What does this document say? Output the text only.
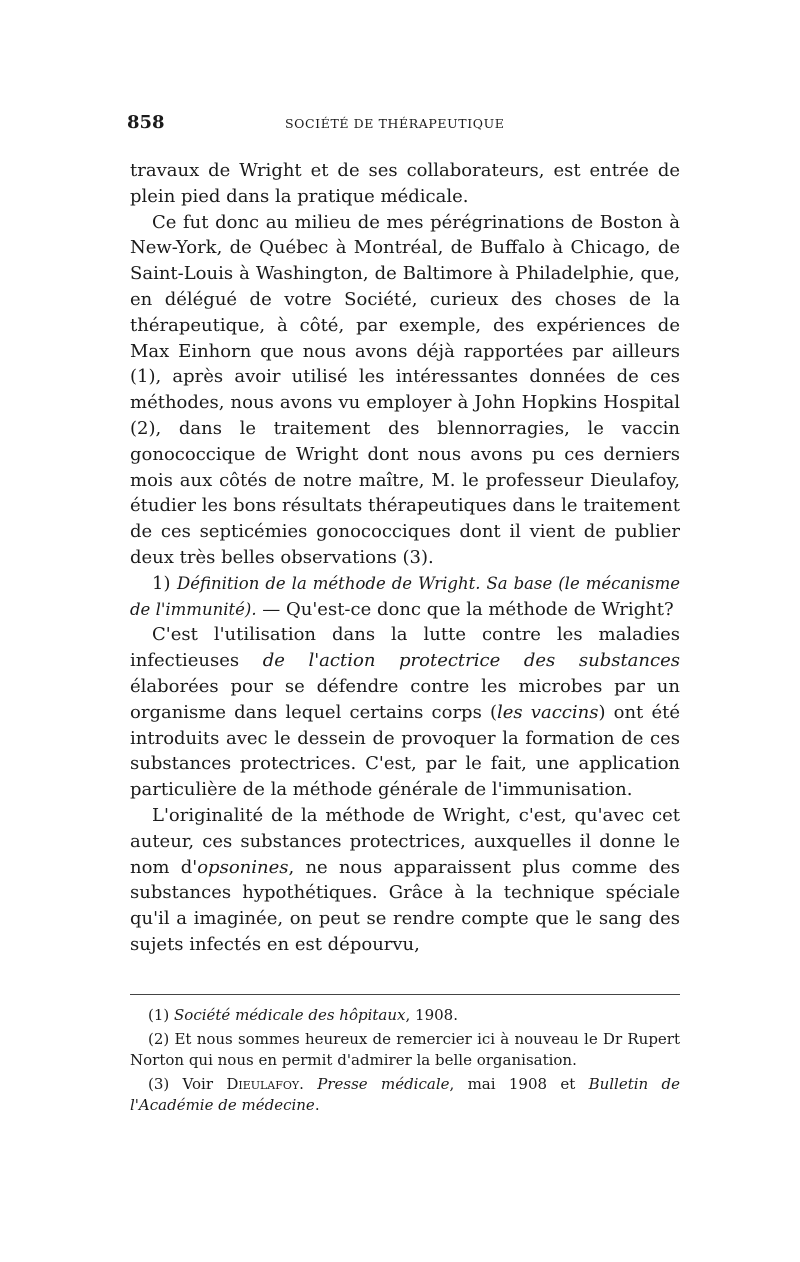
858	SOCIÉTÉ DE THÉRAPEUTIQUE

travaux de Wright et de ses collaborateurs, est entrée de plein pied dans la pratique médicale.

Ce fut donc au milieu de mes pérégrinations de Boston à New-York, de Québec à Montréal, de Buffalo à Chicago, de Saint-Louis à Washington, de Baltimore à Philadelphie, que, en délégué de votre Société, curieux des choses de la thérapeutique, à côté, par exemple, des expériences de Max Einhorn que nous avons déjà rapportées par ailleurs (1), après avoir utilisé les intéressantes données de ces méthodes, nous avons vu employer à John Hopkins Hospital (2), dans le traitement des blennorragies, le vaccin gonococcique de Wright dont nous avons pu ces derniers mois aux côtés de notre maître, M. le professeur Dieulafoy, étudier les bons résultats thérapeutiques dans le traitement de ces septicémies gonococciques dont il vient de publier deux très belles observations (3).

1) Définition de la méthode de Wright. Sa base (le mécanisme de l'immunité). — Qu'est-ce donc que la méthode de Wright?

C'est l'utilisation dans la lutte contre les maladies infectieuses de l'action protectrice des substances élaborées pour se défendre contre les microbes par un organisme dans lequel certains corps (les vaccins) ont été introduits avec le dessein de provoquer la formation de ces substances protectrices. C'est, par le fait, une application particulière de la méthode générale de l'immunisation.

L'originalité de la méthode de Wright, c'est, qu'avec cet auteur, ces substances protectrices, auxquelles il donne le nom d'opsonines, ne nous apparaissent plus comme des substances hypothétiques. Grâce à la technique spéciale qu'il a imaginée, on peut se rendre compte que le sang des sujets infectés en est dépourvu,

(1) Société médicale des hôpitaux, 1908.

(2) Et nous sommes heureux de remercier ici à nouveau le Dr Rupert Norton qui nous en permit d'admirer la belle organisation.

(3) Voir Dieulafoy. Presse médicale, mai 1908 et Bulletin de l'Académie de médecine.
